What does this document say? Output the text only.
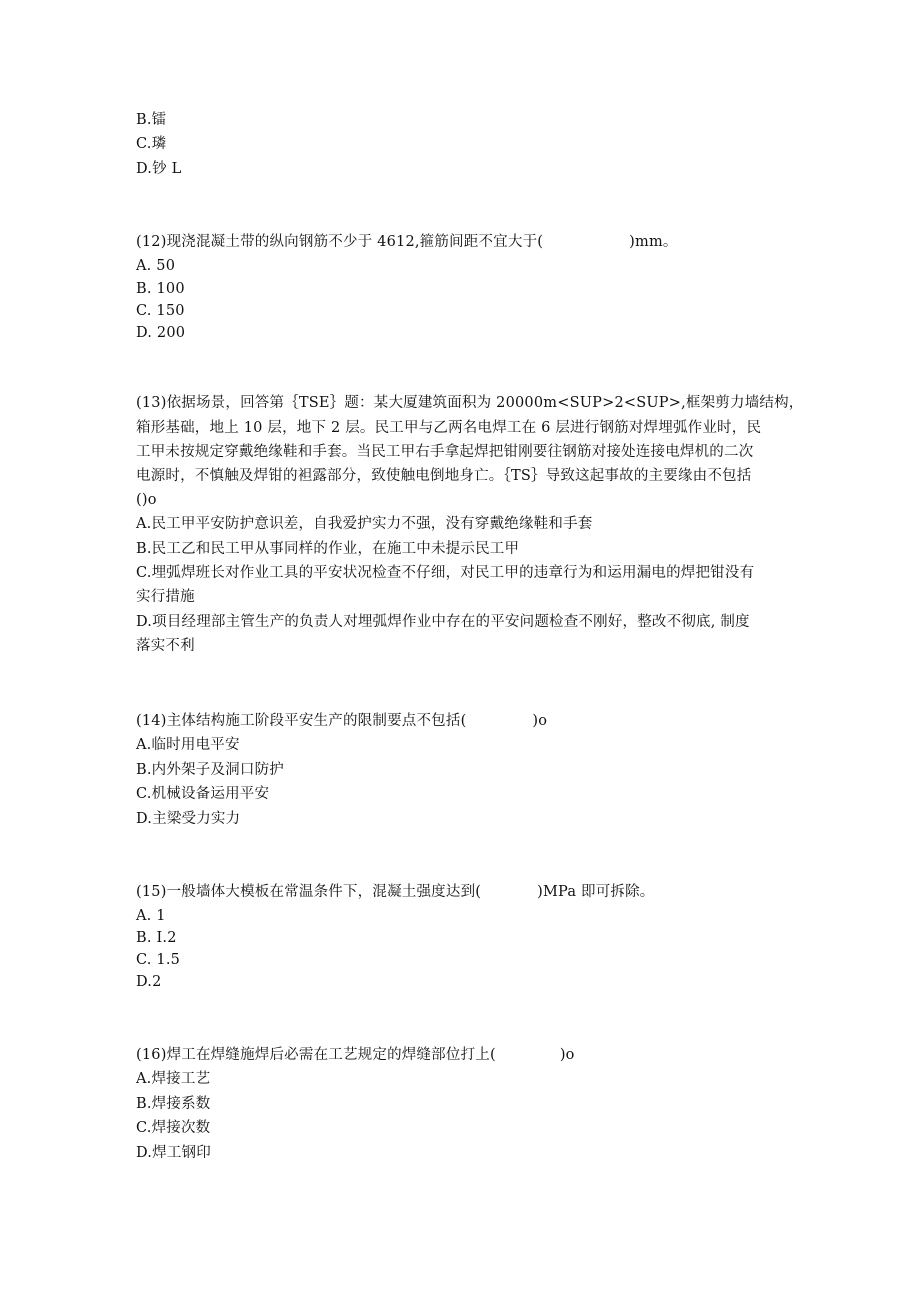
B.镭
C.璘
D.钞 L
(12)现浇混凝土带的纵向钢筋不少于 4612,箍筋间距不宜大于(	)mm。
A. 50
B. 100
C. 150
D. 200
(13)依据场景，回答第｛TSE｝题：某大厦建筑面积为 20000m<SUP>2<SUP>,框架剪力墙结构，
箱形基础，地上 10 层，地下 2 层。民工甲与乙两名电焊工在 6 层进行钢筋对焊埋弧作业时，民
工甲未按规定穿戴绝缘鞋和手套。当民工甲右手拿起焊把钳刚要往钢筋对接处连接电焊机的二次
电源时，不慎触及焊钳的袒露部分，致使触电倒地身亡。｛TS｝导致这起事故的主要缘由不包括
()o
A.民工甲平安防护意识差，自我爱护实力不强，没有穿戴绝缘鞋和手套
B.民工乙和民工甲从事同样的作业，在施工中未提示民工甲
C.埋弧焊班长对作业工具的平安状况检查不仔细，对民工甲的违章行为和运用漏电的焊把钳没有
实行措施
D.项目经理部主管生产的负责人对埋弧焊作业中存在的平安问题检查不刚好，整改不彻底, 制度
落实不利
(14)主体结构施工阶段平安生产的限制要点不包括(	)o
A.临时用电平安
B.内外架子及洞口防护
C.机械设备运用平安
D.主梁受力实力
(15)一般墙体大模板在常温条件下，混凝土强度达到(	)MPa 即可拆除。
A. 1
B. I.2
C. 1.5
D.2
(16)焊工在焊缝施焊后必需在工艺规定的焊缝部位打上(	)o
A.焊接工艺
B.焊接系数
C.焊接次数
D.焊工钢印
